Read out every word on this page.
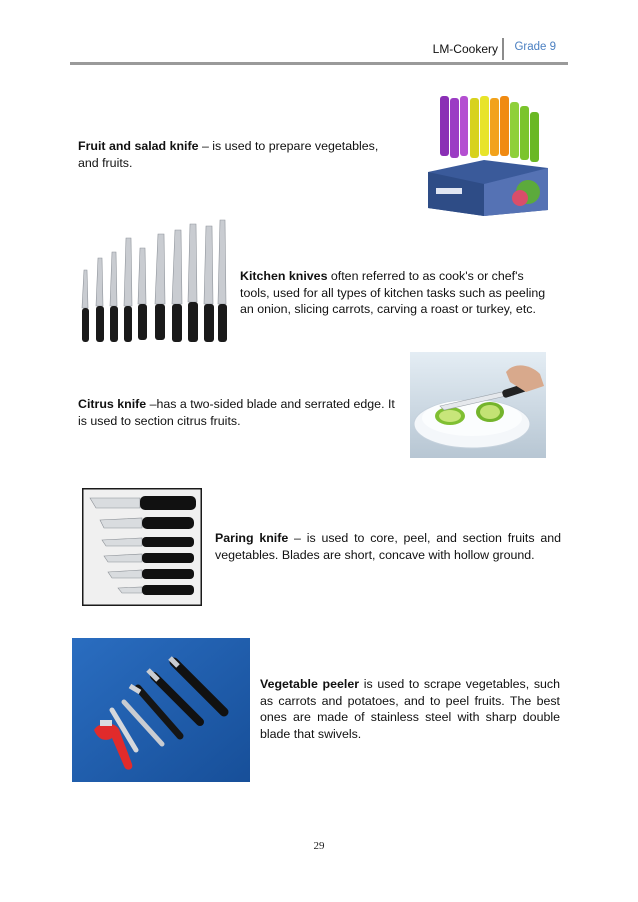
LM-Cookery Grade 9
Fruit and salad knife – is used to prepare vegetables, and fruits.
Kitchen knives often referred to as cook's or chef's tools, used for all types of kitchen tasks such as peeling an onion, slicing carrots, carving a roast or turkey, etc.
Citrus knife –has a two-sided blade and serrated edge. It is used to section citrus fruits.
Paring knife – is used to core, peel, and section fruits and vegetables. Blades are short, concave with hollow ground.
Vegetable peeler is used to scrape vegetables, such as carrots and potatoes, and to peel fruits. The best ones are made of stainless steel with sharp double blade that swivels.
29
